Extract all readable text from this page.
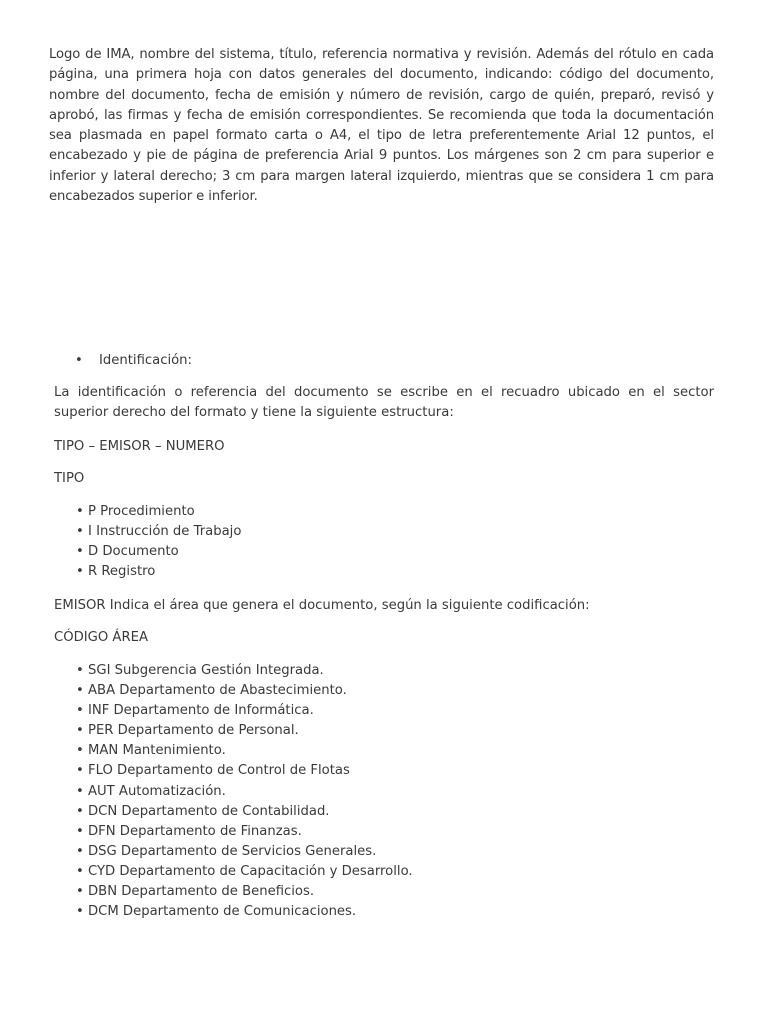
Logo de IMA, nombre del sistema, título, referencia normativa y revisión. Además del rótulo en cada página, una primera hoja con datos generales del documento, indicando: código del documento, nombre del documento, fecha de emisión y número de revisión, cargo de quién, preparó, revisó y aprobó, las firmas y fecha de emisión correspondientes. Se recomienda que toda la documentación sea plasmada en papel formato carta o A4, el tipo de letra preferentemente Arial 12 puntos, el encabezado y pie de página de preferencia Arial 9 puntos. Los márgenes son 2 cm para superior e inferior y lateral derecho; 3 cm para margen lateral izquierdo, mientras que se considera 1 cm para encabezados superior e inferior.

• Identificación:

La identificación o referencia del documento se escribe en el recuadro ubicado en el sector superior derecho del formato y tiene la siguiente estructura:

TIPO – EMISOR – NUMERO

TIPO

• P Procedimiento
• I Instrucción de Trabajo
• D Documento
• R Registro

EMISOR Indica el área que genera el documento, según la siguiente codificación:

CÓDIGO ÁREA

• SGI Subgerencia Gestión Integrada.
• ABA Departamento de Abastecimiento.
• INF Departamento de Informática.
• PER Departamento de Personal.
• MAN Mantenimiento.
• FLO Departamento de Control de Flotas
• AUT Automatización.
• DCN Departamento de Contabilidad.
• DFN Departamento de Finanzas.
• DSG Departamento de Servicios Generales.
• CYD Departamento de Capacitación y Desarrollo.
• DBN Departamento de Beneficios.
• DCM Departamento de Comunicaciones.
